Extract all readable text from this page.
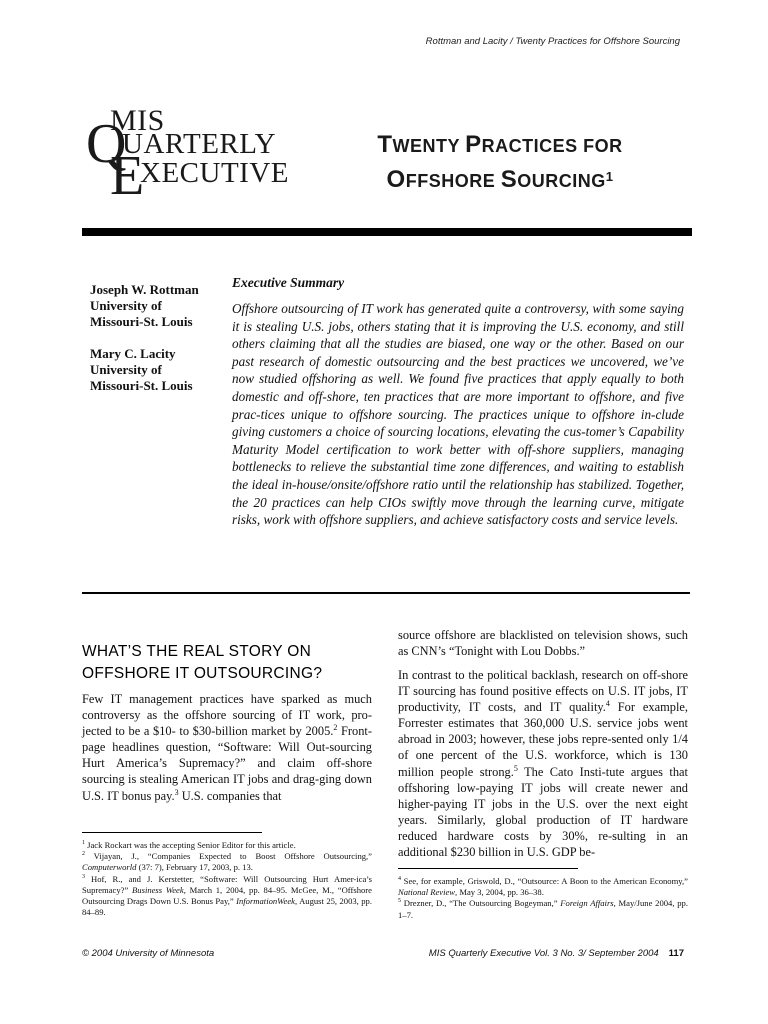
Rottman and Lacity / Twenty Practices for Offshore Sourcing
MIS
Q
UARTERLY
E
XECUTIVE
TWENTY PRACTICES FOR
OFFSHORE SOURCING$^1$
Joseph W. Rottman
University of
Missouri-St. Louis
Mary C. Lacity
University of
Missouri-St. Louis
Executive Summary
Offshore outsourcing of IT work has generated quite a controversy, with some saying it is stealing U.S. jobs, others stating that it is improving the U.S. economy, and still others claiming that all the studies are biased, one way or the other. Based on our past research of domestic outsourcing and the best practices we uncovered, we’ve now studied offshoring as well. We found five practices that apply equally to both domestic and off-shore, ten practices that are more important to offshore, and five prac-tices unique to offshore sourcing. The practices unique to offshore in-clude giving customers a choice of sourcing locations, elevating the cus-tomer’s Capability Maturity Model certification to work better with off-shore suppliers, managing bottlenecks to relieve the substantial time zone differences, and waiting to establish the ideal in-house/onsite/offshore ratio until the relationship has stabilized. Together, the 20 practices can help CIOs swiftly move through the learning curve, mitigate risks, work with offshore suppliers, and achieve satisfactory costs and service levels.
WHAT’S THE REAL STORY ON
OFFSHORE IT OUTSOURCING?
Few IT management practices have sparked as much controversy as the offshore sourcing of IT work, pro-jected to be a $10- to $30-billion market by 2005.$^2$ Front-page headlines question, “Software: Will Out-sourcing Hurt America’s Supremacy?” and claim off-shore sourcing is stealing American IT jobs and drag-ging down U.S. IT bonus pay.$^3$ U.S. companies that
source offshore are blacklisted on television shows, such as CNN’s “Tonight with Lou Dobbs.”
In contrast to the political backlash, research on off-shore IT sourcing has found positive effects on U.S. IT jobs, IT productivity, IT costs, and IT quality.$^4$ For example, Forrester estimates that 360,000 U.S. service jobs went abroad in 2003; however, these jobs repre-sented only 1/4 of one percent of the U.S. workforce, which is 130 million people strong.$^5$ The Cato Insti-tute argues that offshoring low-paying IT jobs will create newer and higher-paying IT jobs in the U.S. over the next eight years. Similarly, global production of IT hardware reduced hardware costs by 30%, re-sulting in an additional $230 billion in U.S. GDP be-

$^1$ Jack Rockart was the accepting Senior Editor for this article.

$^2$ Vijayan, J., “Companies Expected to Boost Offshore Outsourcing,” Computerworld (37: 7), February 17, 2003, p. 13.

$^3$ Hof, R., and J. Kerstetter, “Software: Will Outsourcing Hurt Amer-ica’s Supremacy?” Business Week, March 1, 2004, pp. 84–95. McGee, M., “Offshore Outsourcing Drags Down U.S. Bonus Pay,” InformationWeek, August 25, 2003, pp. 84–89.

$^4$ See, for example, Griswold, D., “Outsource: A Boon to the American Economy,” National Review, May 3, 2004, pp. 36–38.

$^5$ Drezner, D., “The Outsourcing Bogeyman,” Foreign Affairs, May/June 2004, pp. 1–7.

© 2004 University of Minnesota	MIS Quarterly Executive Vol. 3 No. 3/ September 2004 117
